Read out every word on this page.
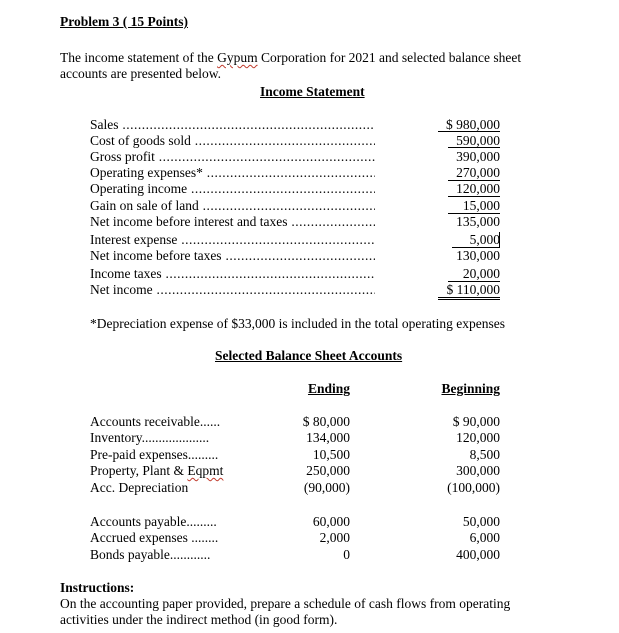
Problem 3 ( 15 Points)
The income statement of the Gypum Corporation for 2021 and selected balance sheet
accounts are presented below.
Income Statement
Sales .....	$ 980,000
Cost of goods sold .....	590,000
Gross profit .....	390,000
Operating expenses* .....	270,000
Operating income .....	120,000
Gain on sale of land .....	15,000
Net income before interest and taxes .....	135,000
Interest expense .....	5,000
Net income before taxes .....	130,000
Income taxes .....	20,000
Net income .....	$ 110,000
*Depreciation expense of $33,000 is included in the total operating expenses
Selected Balance Sheet Accounts
Ending	Beginning
Accounts receivable......	$ 80,000	$ 90,000
Inventory....................	134,000	120,000
Pre-paid expenses.........	10,500	8,500
Property, Plant & Eqpmt	250,000	300,000
Acc. Depreciation	(90,000)	(100,000)
Accounts payable.........	60,000	50,000
Accrued expenses ........	2,000	6,000
Bonds payable............	0	400,000
Instructions:
On the accounting paper provided, prepare a schedule of cash flows from operating
activities under the indirect method (in good form).
